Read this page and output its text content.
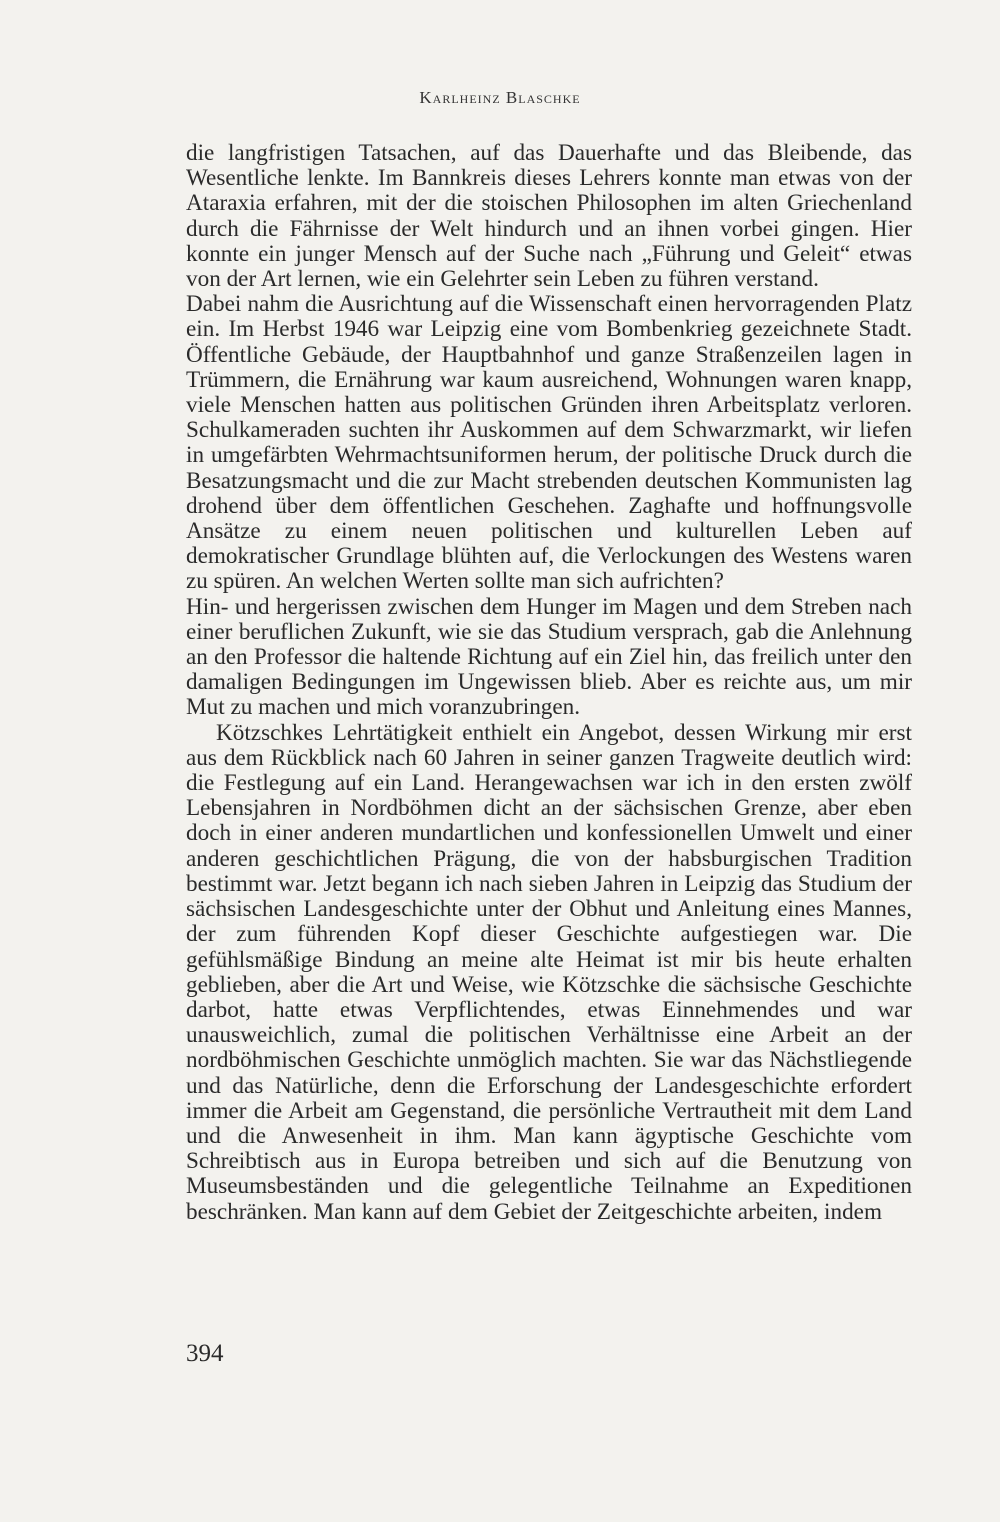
Karlheinz Blaschke

die langfristigen Tatsachen, auf das Dauerhafte und das Bleibende, das Wesentliche lenkte. Im Bannkreis dieses Lehrers konnte man etwas von der Ataraxia erfahren, mit der die stoischen Philosophen im alten Griechenland durch die Fährnisse der Welt hindurch und an ihnen vorbei gingen. Hier konnte ein junger Mensch auf der Suche nach „Führung und Geleit“ etwas von der Art lernen, wie ein Gelehrter sein Leben zu führen verstand.

Dabei nahm die Ausrichtung auf die Wissenschaft einen hervorragenden Platz ein. Im Herbst 1946 war Leipzig eine vom Bombenkrieg gezeichnete Stadt. Öffentliche Gebäude, der Hauptbahnhof und ganze Straßenzeilen lagen in Trümmern, die Ernährung war kaum ausreichend, Wohnungen waren knapp, viele Menschen hatten aus politischen Gründen ihren Arbeitsplatz verloren. Schulkameraden suchten ihr Auskommen auf dem Schwarzmarkt, wir liefen in umgefärbten Wehrmachtsuniformen herum, der politische Druck durch die Besatzungsmacht und die zur Macht strebenden deutschen Kommunisten lag drohend über dem öffentlichen Geschehen. Zaghafte und hoffnungsvolle Ansätze zu einem neuen politischen und kulturellen Leben auf demokratischer Grundlage blühten auf, die Verlockungen des Westens waren zu spüren. An welchen Werten sollte man sich aufrichten?

Hin- und hergerissen zwischen dem Hunger im Magen und dem Streben nach einer beruflichen Zukunft, wie sie das Studium versprach, gab die Anlehnung an den Professor die haltende Richtung auf ein Ziel hin, das freilich unter den damaligen Bedingungen im Ungewissen blieb. Aber es reichte aus, um mir Mut zu machen und mich voranzubringen.

Kötzschkes Lehrtätigkeit enthielt ein Angebot, dessen Wirkung mir erst aus dem Rückblick nach 60 Jahren in seiner ganzen Tragweite deutlich wird: die Festlegung auf ein Land. Herangewachsen war ich in den ersten zwölf Lebensjahren in Nordböhmen dicht an der sächsischen Grenze, aber eben doch in einer anderen mundartlichen und konfessionellen Umwelt und einer anderen geschichtlichen Prägung, die von der habsburgischen Tradition bestimmt war. Jetzt begann ich nach sieben Jahren in Leipzig das Studium der sächsischen Landesgeschichte unter der Obhut und Anleitung eines Mannes, der zum führenden Kopf dieser Geschichte aufgestiegen war. Die gefühlsmäßige Bindung an meine alte Heimat ist mir bis heute erhalten geblieben, aber die Art und Weise, wie Kötzschke die sächsische Geschichte darbot, hatte etwas Verpflichtendes, etwas Einnehmendes und war unausweichlich, zumal die politischen Verhältnisse eine Arbeit an der nordböhmischen Geschichte unmöglich machten. Sie war das Nächstliegende und das Natürliche, denn die Erforschung der Landesgeschichte erfordert immer die Arbeit am Gegenstand, die persönliche Vertrautheit mit dem Land und die Anwesenheit in ihm. Man kann ägyptische Geschichte vom Schreibtisch aus in Europa betreiben und sich auf die Benutzung von Museumsbeständen und die gelegentliche Teilnahme an Expeditionen beschränken. Man kann auf dem Gebiet der Zeitgeschichte arbeiten, indem

394
